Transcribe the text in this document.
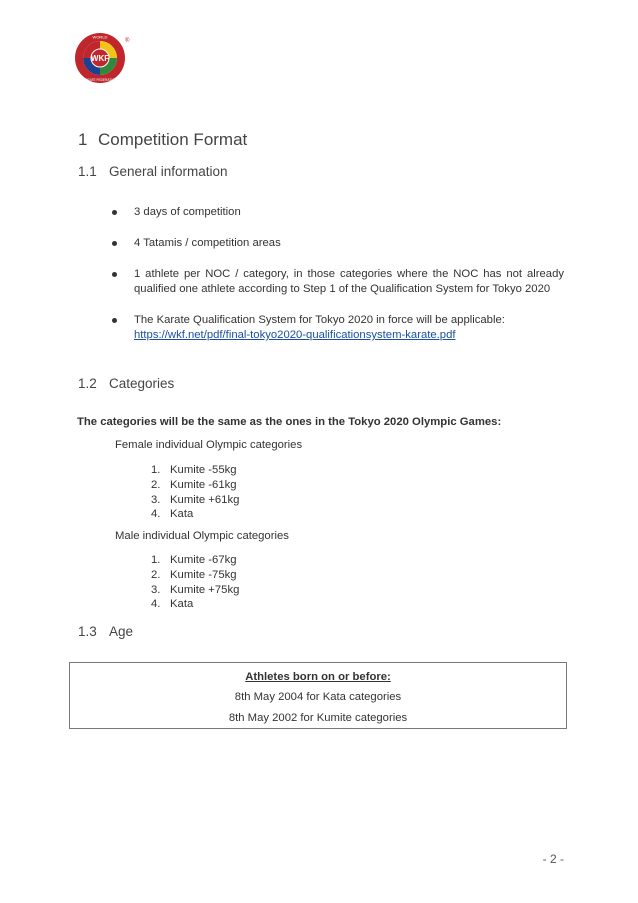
WKF
WORLD
KARATE FEDERATION
®
1 Competition Format
1.1 General information
3 days of competition
4 Tatamis / competition areas
1 athlete per NOC / category, in those categories where the NOC has not already qualified one athlete according to Step 1 of the Qualification System for Tokyo 2020
The Karate Qualification System for Tokyo 2020 in force will be applicable:
https://wkf.net/pdf/final-tokyo2020-qualificationsystem-karate.pdf
1.2 Categories
The categories will be the same as the ones in the Tokyo 2020 Olympic Games:
Female individual Olympic categories
1. Kumite -55kg
2. Kumite -61kg
3. Kumite +61kg
4. Kata
Male individual Olympic categories
1. Kumite -67kg
2. Kumite -75kg
3. Kumite +75kg
4. Kata
1.3 Age
Athletes born on or before:
8th May 2004 for Kata categories
8th May 2002 for Kumite categories
- 2 -
